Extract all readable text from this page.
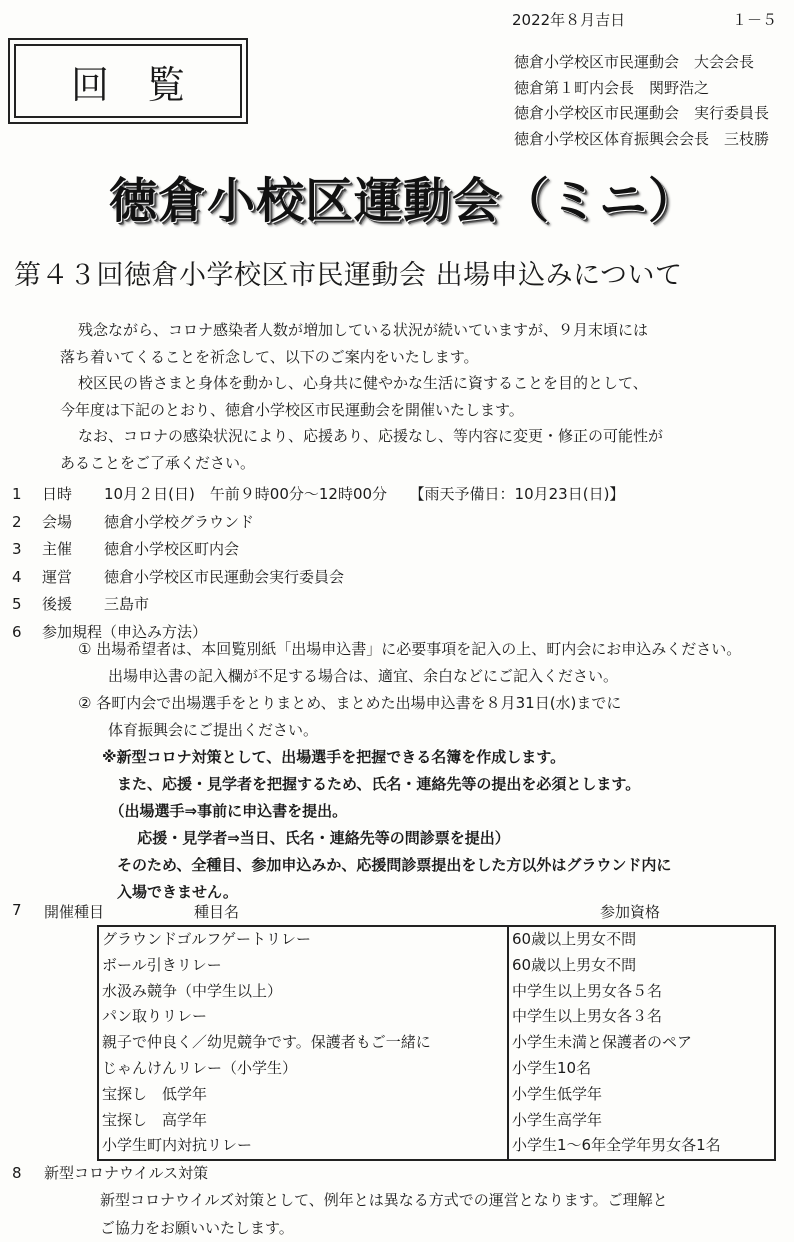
2022年８月吉日	１－５
回覧
徳倉小学校区市民運動会　大会会長
徳倉第１町内会長　関野浩之
徳倉小学校区市民運動会　実行委員長
徳倉小学校区体育振興会会長　三枝勝
徳倉小校区運動会（ミニ）
第４３回徳倉小学校区市民運動会 出場申込みについて

残念ながら、コロナ感染者人数が増加している状況が続いていますが、９月末頃には

落ち着いてくることを祈念して、以下のご案内をいたします。

校区民の皆さまと身体を動かし、心身共に健やかな生活に資することを目的として、

今年度は下記のとおり、徳倉小学校区市民運動会を開催いたします。

なお、コロナの感染状況により、応援あり、応援なし、等内容に変更・修正の可能性が

あることをご了承ください。

1	日時	10月２日(日)　午前９時00分～12時00分　　【雨天予備日：10月23日(日)】
2	会場	徳倉小学校グラウンド
3	主催	徳倉小学校区町内会
4	運営	徳倉小学校区市民運動会実行委員会
5	後援	三島市
6	参加規程（申込み方法）
① 出場希望者は、本回覧別紙「出場申込書」に必要事項を記入の上、町内会にお申込みください。
　　出場申込書の記入欄が不足する場合は、適宜、余白などにご記入ください。
② 各町内会で出場選手をとりまとめ、まとめた出場申込書を８月31日(水)までに
　　体育振興会にご提出ください。
※新型コロナ対策として、出場選手を把握できる名簿を作成します。
　また、応援・見学者を把握するため、氏名・連絡先等の提出を必須とします。
　（出場選手⇒事前に申込書を提出。
　　 応援・見学者⇒当日、氏名・連絡先等の問診票を提出）
　そのため、全種目、参加申込みか、応援問診票提出をした方以外はグラウンド内に
　入場できません。
7 開催種目	種目名	参加資格
グラウンドゴルフゲートリレー	60歳以上男女不問
ボール引きリレー	60歳以上男女不問
水汲み競争（中学生以上）	中学生以上男女各５名
パン取りリレー	中学生以上男女各３名
親子で仲良く／幼児競争です。保護者もご一緒に	小学生未満と保護者のペア
じゃんけんリレー（小学生）	小学生10名
宝探し　低学年	小学生低学年
宝探し　高学年	小学生高学年
小学生町内対抗リレー	小学生1～6年全学年男女各1名
8 新型コロナウイルス対策
新型コロナウイルズ対策として、例年とは異なる方式での運営となります。ご理解と
ご協力をお願いいたします。
